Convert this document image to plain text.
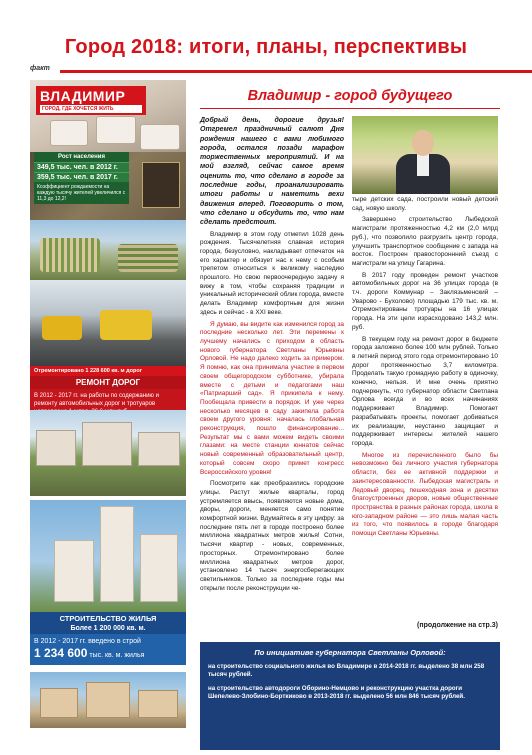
Город 2018: итоги, планы, перспективы
факт
ВЛАДИМИР
ГОРОД, ГДЕ ХОЧЕТСЯ ЖИТЬ
Рост населения
349,5 тыс. чел. в 2012 г.
359,5 тыс. чел. в 2017 г.
Коэффициент рождаемости на каждую тысячу жителей увеличился с 11,3 до 12,2!
Отремонтировано 1 228 600 кв. м дорог
РЕМОНТ ДОРОГ
В 2012 - 2017 гг. на работы по содержанию и ремонту автомобильных дорог и тротуаров
СТРОИТЕЛЬСТВО ЖИЛЬЯ
Более 1 200 000 кв. м.
В 2012 - 2017 гг. введено в строй
1 234 600 тыс. кв. м. жилья
Владимир - город будущего

Добрый день, дорогие друзья! Отгремел праздничный салют Дня рождения нашего с вами любимого города, остался позади марафон торжественных мероприятий. И на мой взгляд, сейчас самое время оценить то, что сделано в городе за последние годы, проанализировать итоги работы и наметить вехи движения вперед. Поговорить о том, что сделано и обсудить то, что нам сделать предстоит.

Владимир в этом году отметил 1028 день рождения. Тысячелетняя славная история города, безусловно, накладывает отпечаток на его характер и обязует нас к нему с особым трепетом относиться к великому наследию прошлого. Но свою первоочередную задачу я вижу в том, чтобы сохраняя традиции и уникальный исторический облик города, вместе делать Владимир комфортным для жизни здесь и сейчас - в XXI веке.

Я думаю, вы видите как изменился город за последние несколько лет. Эти перемены к лучшему начались с приходом в область нового губернатора Светланы Юрьевны Орловой. Не надо далеко ходить за примером. Я помню, как она принимала участие в первом своем общегородском субботнике, убирала вместе с детьми и педагогами наш «Патриарший сад». Я прикипела к нему. Пообещала привести в порядок. И уже через несколько месяцев в саду закипела работа своем другого уровня: началась глобальная реконструкция, пошло финансирование... Результат мы с вами можем видеть своими глазами: на месте станции юннатов сейчас новый современный образовательный центр, который совсем скоро примет конгресс Всероссийского уровня!

Посмотрите как преобразились городские улицы. Растут жилые кварталы, город устремляется ввысь, появляются новые дома, дворы, дороги, меняется само понятие комфортной жизни. Вдумайтесь в эту цифру: за последние пять лет в городе построено более миллиона квадратных метров жилья! Сотни, тысячи квартир - новых, современных, просторных. Отремонтировано более миллиона квадратных метров дорог, установлено 14 тысяч энергосберегающих светильников. Только за последние годы мы открыли после реконструкции че-

тыре детских сада, построили новый детский сад, новую школу.

Завершено строительство Лыбедской магистрали протяженностью 4,2 км (2,0 млрд руб.), что позволило разгрузить центр города, улучшить транспортное сообщение с запада на восток. Построен правостороннний съезд с магистрали на улицу Гагарина.

В 2017 году проведен ремонт участков автомобильных дорог на 36 улицах города (в т.ч. дороги Коммунар – Заклязьменский – Уварово - Бухолово) площадью 179 тыс. кв. м. Отремонтированы тротуары на 16 улицах города. На эти цели израсходовано 143,2 млн. руб.

В текущем году на ремонт дорог в бюджете города заложено более 100 млн рублей. Только в летний период этого года отремонтировано 10 дорог протяженностью 3,7 километра. Проделать такую громадную работу в одиночку, конечно, нельзя. И мне очень приятно подчеркнуть, что губернатор области Светлана Орлова всегда и во всех начинаниях поддерживает Владимир. Помогает разрабатывать проекты, помогает добиваться их реализации, неустанно защищает и поддерживает интересы жителей нашего города.

Многое из перечисленного было бы невозможно без личного участия губернатора области, без ее активной поддержки и заинтересованности. Лыбедская магистраль и Ледовый дворец, пешеходная зона и десятки благоустроенных дворов, новые общественные пространства в разных районах города, школа в юго-западном районе — это лишь малая часть из того, что появилось в городе благодаря помощи Светланы Юрьевны.

(продолжение на стр.3)
По инициативе губернатора Светланы Орловой:
на строительство социального жилья во Владимире в 2014-2018 гг. выделено 38 млн 258 тысяч рублей.
на строительство автодороги Оборино-Немцово и реконструкцию участка дороги Шепелево-Злобино-Борткиково в 2013-2018 гг. выделено 56 млн 846 тысяч рублей.
